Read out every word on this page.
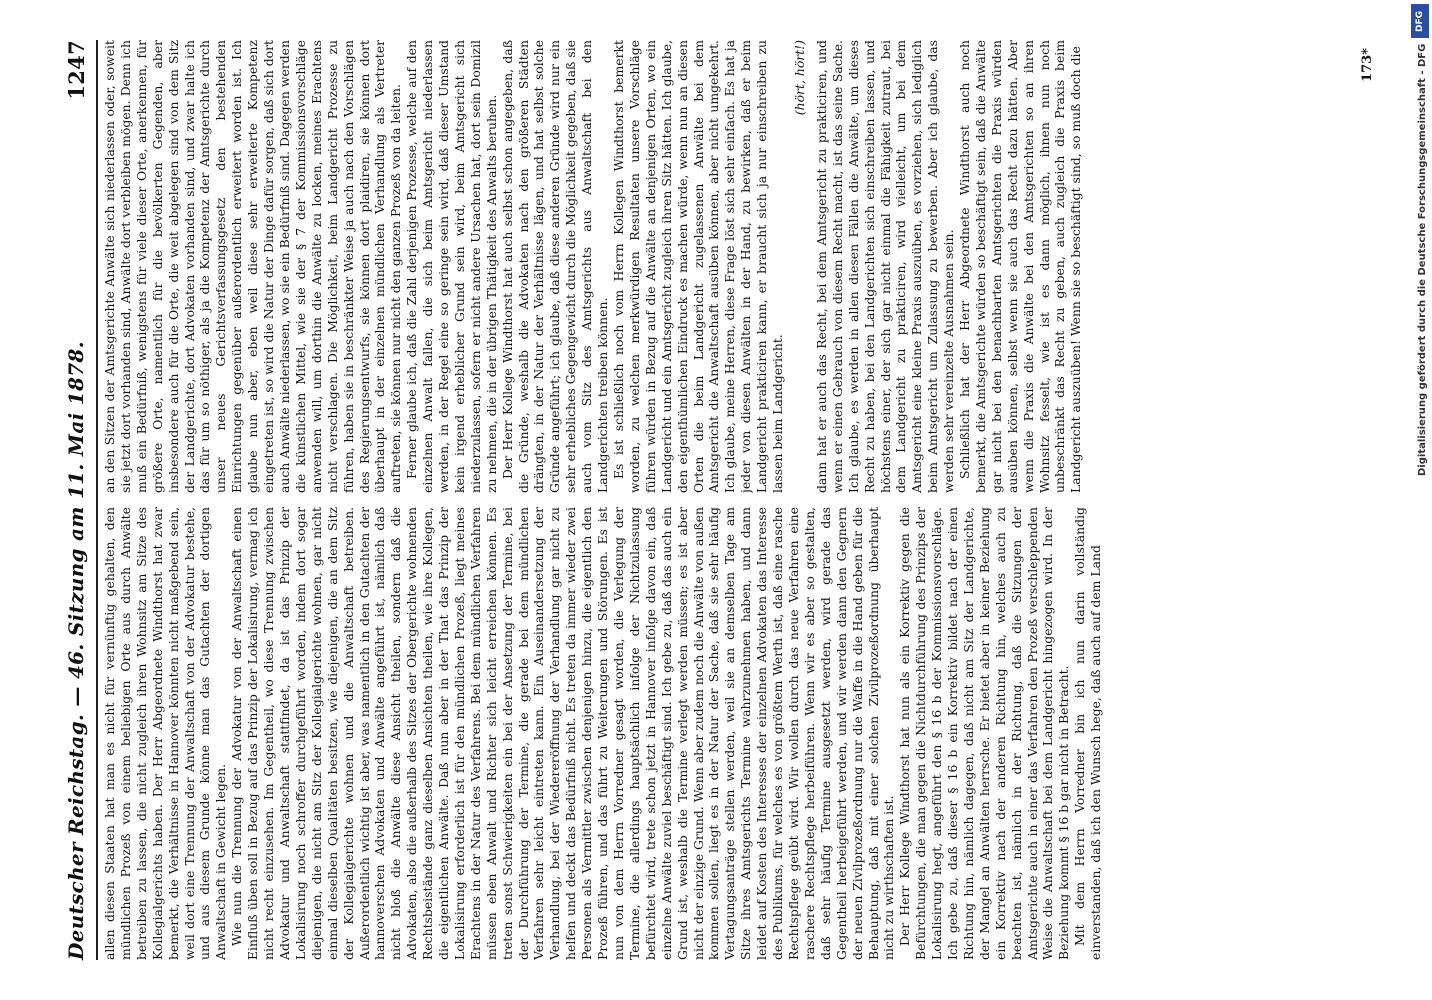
Deutscher Reichstag. — 46. Sitzung am 11. Mai 1878.
1247

allen diesen Staaten hat man es nicht für vernünftig gehalten, den mündlichen Prozeß von einem beliebigen Orte aus durch Anwälte betreiben zu lassen, die nicht zugleich ihren Wohnsitz am Sitze des Kollegialgerichts haben. Der Herr Abgeordnete Windthorst hat zwar bemerkt, die Verhältnisse in Hannover könnten nicht maßgebend sein, weil dort eine Trennung der Anwaltschaft von der Advokatur bestehe, und aus diesem Grunde könne man das Gutachten der dortigen Anwaltschaft in Gewicht legen. Wie nun die Trennung der Advokatur von der Anwaltschaft einen Einfluß üben soll in Bezug auf das Prinzip der Lokalisirung, vermag ich nicht recht einzusehen. Im Gegentheil, wo diese Trennung zwischen Advokatur und Anwaltschaft stattfindet, da ist das Prinzip der Lokalisirung noch schroffer durchgeführt worden, indem dort sogar diejenigen, die nicht am Sitz der Kollegialgerichte wohnen, gar nicht einmal dieselben Qualitäten besitzen, wie diejenigen, die an dem Sitz der Kollegialgerichte wohnen und die Anwaltschaft betreiben. Außerordentlich wichtig ist aber, was namentlich in den Gutachten der hannoverschen Advokaten und Anwälte angeführt ist, nämlich daß nicht bloß die Anwälte diese Ansicht theilen, sondern daß die Advokaten, also die außerhalb des Sitzes der Obergerichte wohnenden Rechtsbeistände ganz dieselben Ansichten theilen, wie ihre Kollegen, die eigentlichen Anwälte. Daß nun aber in der That das Prinzip der Lokalisirung erforderlich ist für den mündlichen Prozeß, liegt meines Erachtens in der Natur des Verfahrens. Bei dem mündlichen Verfahren müssen eben Anwalt und Richter sich leicht erreichen können. Es treten sonst Schwierigkeiten ein bei der Ansetzung der Termine, bei der Durchführung der Termine, die gerade bei dem mündlichen Verfahren sehr leicht eintreten kann. Ein Auseinandersetzung der Verhandlung, bei der Wiedereröffnung der Verhandlung gar nicht zu helfen und deckt das Bedürfniß nicht. Es treten da immer wieder zwei Personen als Vermittler zwischen denjenigen hinzu, die eigentlich den Prozeß führen, und das führt zu Weiterungen und Störungen. Es ist nun von dem Herrn Vorredner gesagt worden, die Verlegung der Termine, die allerdings hauptsächlich infolge der Nichtzulassung befürchtet wird, trete schon jetzt in Hannover infolge davon ein, daß einzelne Anwälte zuviel beschäftigt sind. Ich gebe zu, daß das auch ein Grund ist, weshalb die Termine verlegt werden müssen; es ist aber nicht der einzige Grund. Wenn aber zudem noch die Anwälte von außen kommen sollen, liegt es in der Natur der Sache, daß sie sehr häufig Vertagungsanträge stellen werden, weil sie an demselben Tage am Sitze ihres Amtsgerichts Termine wahrzunehmen haben, und dann leidet auf Kosten des Interesses der einzelnen Advokaten das Interesse des Publikums, für welches es von größtem Werth ist, daß eine rasche Rechtspflege geübt wird. Wir wollen durch das neue Verfahren eine raschere Rechtspflege herbeiführen. Wenn wir es aber so gestalten, daß sehr häufig Termine ausgesetzt werden, wird gerade das Gegentheil herbeigeführt werden, und wir werden dann den Gegnern der neuen Zivilprozeßordnung nur die Waffe in die Hand geben für die Behauptung, daß mit einer solchen Zivilprozeßordnung überhaupt nicht zu wirthschaften ist. Der Herr Kollege Windthorst hat nun als ein Korrektiv gegen die Befürchtungen, die man gegen die Nichtdurchführung des Prinzips der Lokalisirung hegt, angeführt den § 16 b der Kommissionsvorschläge. Ich gebe zu, daß dieser § 16 b ein Korrektiv bildet nach der einen Richtung hin, nämlich dagegen, daß nicht am Sitz der Landgerichte, der Mangel an Anwälten herrsche. Er bietet aber in keiner Beziehung ein Korrektiv nach der anderen Richtung hin, welches auch zu beachten ist, nämlich in der Richtung, daß die Sitzungen der Amtsgerichte auch in einer das Verfahren den Prozeß verschleppenden Weise die Anwaltschaft bei dem Landgericht hingezogen wird. In der Beziehung kommt § 16 b gar nicht in Betracht. Mit dem Herrn Vorredner bin ich nun darin vollständig einverstanden, daß ich den Wunsch hege, daß auch auf dem Land

an den Sitzen der Amtsgerichte Anwälte sich niederlassen oder, soweit sie jetzt dort vorhanden sind, Anwälte dort verbleiben mögen. Denn ich muß ein Bedürfniß, wenigstens für viele dieser Orte, anerkennen, für größere Orte, namentlich für die bevölkerten Gegenden, aber insbesondere auch für die Orte, die weit abgelegen sind von dem Sitz der Landgerichte, dort Advokaten vorhanden sind, und zwar halte ich das für um so nöthiger, als ja die Kompetenz der Amtsgerichte durch unser neues Gerichtsverfassungsgesetz den bestehenden Einrichtungen gegenüber außerordentlich erweitert worden ist. Ich glaube nun aber, eben weil diese sehr erweiterte Kompetenz eingetreten ist, so wird die Natur der Dinge dafür sorgen, daß sich dort auch Anwälte niederlassen, wo sie ein Bedürfniß sind. Dagegen werden die künstlichen Mittel, wie sie der § 7 der Kommissionsvorschläge anwenden will, um dorthin die Anwälte zu locken, meines Erachtens nicht verschlagen. Die Möglichkeit, beim Landgericht Prozesse zu führen, haben sie in beschränkter Weise ja auch nach den Vorschlägen des Regierungsentwurfs, sie können dort plaidiren, sie können dort überhaupt in der einzelnen mündlichen Verhandlung als Vertreter auftreten, sie können nur nicht den ganzen Prozeß von da leiten. Ferner glaube ich, daß die Zahl derjenigen Prozesse, welche auf den einzelnen Anwalt fallen, die sich beim Amtsgericht niederlassen werden, in der Regel eine so geringe sein wird, daß dieser Umstand kein irgend erheblicher Grund sein wird, beim Amtsgericht sich niederzulassen, sofern er nicht andere Ursachen hat, dort sein Domizil zu nehmen, die in der übrigen Thätigkeit des Anwalts beruhen. Der Herr Kollege Windthorst hat auch selbst schon angegeben, daß die Gründe, weshalb die Advokaten nach den größeren Städten drängten, in der Natur der Verhältnisse lägen, und hat selbst solche Gründe angeführt; ich glaube, daß diese anderen Gründe wird nur ein sehr erhebliches Gegengewicht durch die Möglichkeit gegeben, daß sie auch vom Sitz des Amtsgerichts aus Anwaltschaft bei den Landgerichten treiben können. Es ist schließlich noch vom Herrn Kollegen Windthorst bemerkt worden, zu welchen merkwürdigen Resultaten unsere Vorschläge führen würden in Bezug auf die Anwälte an denjenigen Orten, wo ein Landgericht und ein Amtsgericht zugleich ihren Sitz hätten. Ich glaube, den eigenthümlichen Eindruck es machen würde, wenn nun an diesen Orten die beim Landgericht zugelassenen Anwälte bei dem Amtsgericht die Anwaltschaft ausüben können, aber nicht umgekehrt. Ich glaube, meine Herren, diese Frage löst sich sehr einfach. Es hat ja jeder von diesen Anwälten in der Hand, zu bewirken, daß er beim Landgericht prakticiren kann, er braucht sich ja nur einschreiben zu lassen beim Landgericht.

(hört, hört!) dann hat er auch das Recht, bei dem Amtsgericht zu prakticiren, und wenn er einen Gebrauch von diesem Recht macht, ist das seine Sache. Ich glaube, es werden in allen diesen Fällen die Anwälte, um dieses Recht zu haben, bei den Landgerichten sich einschreiben lassen, und höchstens einer, der sich gar nicht einmal die Fähigkeit zutraut, bei dem Landgericht zu prakticiren, wird vielleicht, um bei dem Amtsgericht eine kleine Praxis auszuüben, es vorziehen, sich lediglich beim Amtsgericht um Zulassung zu bewerben. Aber ich glaube, das werden sehr vereinzelte Ausnahmen sein. Schließlich hat der Herr Abgeordnete Windthorst auch noch bemerkt, die Amtsgerichte würden so beschäftigt sein, daß die Anwälte gar nicht bei den benachbarten Amtsgerichten die Praxis würden ausüben können, selbst wenn sie auch das Recht dazu hätten. Aber wenn die Praxis die Anwälte bei den Amtsgerichten so an ihren Wohnsitz fesselt, wie ist es dann möglich, ihnen nun noch unbeschränkt das Recht zu geben, auch zugleich die Praxis beim Landgericht auszuüben! Wenn sie so beschäftigt sind, so muß doch die	173*
DFG
Digitalisierung gefördert durch die Deutsche Forschungsgemeinschaft - DFG
